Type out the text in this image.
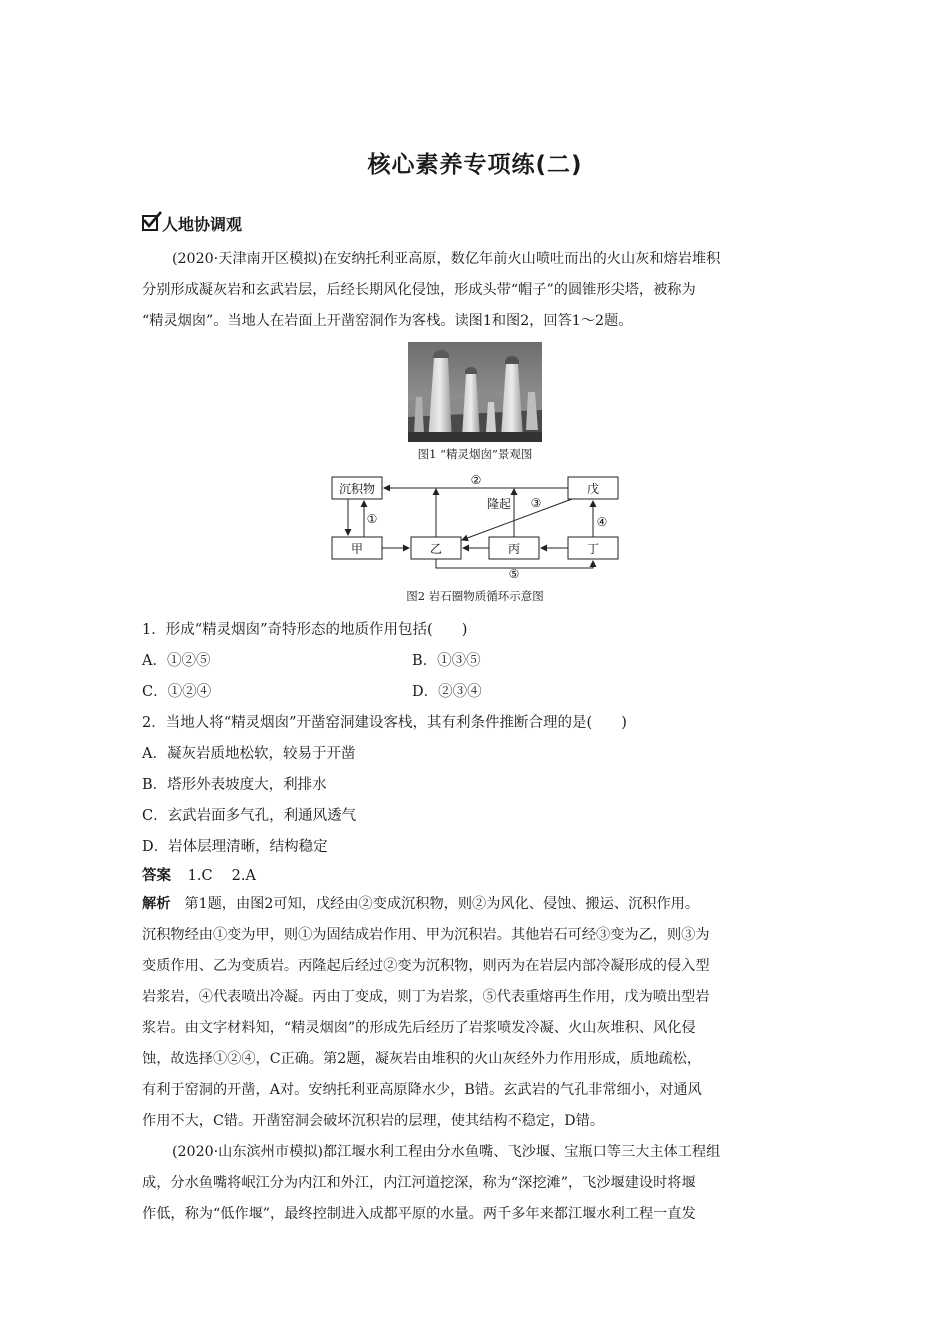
核心素养专项练(二)
人地协调观

(2020·天津南开区模拟)在安纳托利亚高原，数亿年前火山喷吐而出的火山灰和熔岩堆积

分别形成凝灰岩和玄武岩层，后经长期风化侵蚀，形成头带“帽子”的圆锥形尖塔，被称为

“精灵烟囱”。当地人在岩面上开凿窑洞作为客栈。读图1和图2，回答1～2题。

图1 “精灵烟囱”景观图
沉积物	戊
甲	乙	丙	丁
②
①
③
④
⑤
隆起
图2 岩石圈物质循环示意图
1．形成“精灵烟囱”奇特形态的地质作用包括(　　)
A．①②⑤	B．①③⑤
C．①②④	D．②③④
2．当地人将“精灵烟囱”开凿窑洞建设客栈，其有利条件推断合理的是(　　)
A．凝灰岩质地松软，较易于开凿
B．塔形外表坡度大，利排水
C．玄武岩面多气孔，利通风透气
D．岩体层理清晰，结构稳定
答案 1.C　 2.A

解析 第1题，由图2可知，戊经由②变成沉积物，则②为风化、侵蚀、搬运、沉积作用。

沉积物经由①变为甲，则①为固结成岩作用、甲为沉积岩。其他岩石可经③变为乙，则③为

变质作用、乙为变质岩。丙隆起后经过②变为沉积物，则丙为在岩层内部冷凝形成的侵入型

岩浆岩，④代表喷出冷凝。丙由丁变成，则丁为岩浆，⑤代表重熔再生作用，戊为喷出型岩

浆岩。由文字材料知，“精灵烟囱”的形成先后经历了岩浆喷发冷凝、火山灰堆积、风化侵

蚀，故选择①②④，C正确。第2题，凝灰岩由堆积的火山灰经外力作用形成，质地疏松，

有利于窑洞的开凿，A对。安纳托利亚高原降水少，B错。玄武岩的气孔非常细小，对通风

作用不大，C错。开凿窑洞会破坏沉积岩的层理，使其结构不稳定，D错。

(2020·山东滨州市模拟)都江堰水利工程由分水鱼嘴、飞沙堰、宝瓶口等三大主体工程组

成，分水鱼嘴将岷江分为内江和外江，内江河道挖深，称为“深挖滩”，飞沙堰建设时将堰

作低，称为“低作堰”，最终控制进入成都平原的水量。两千多年来都江堰水利工程一直发
